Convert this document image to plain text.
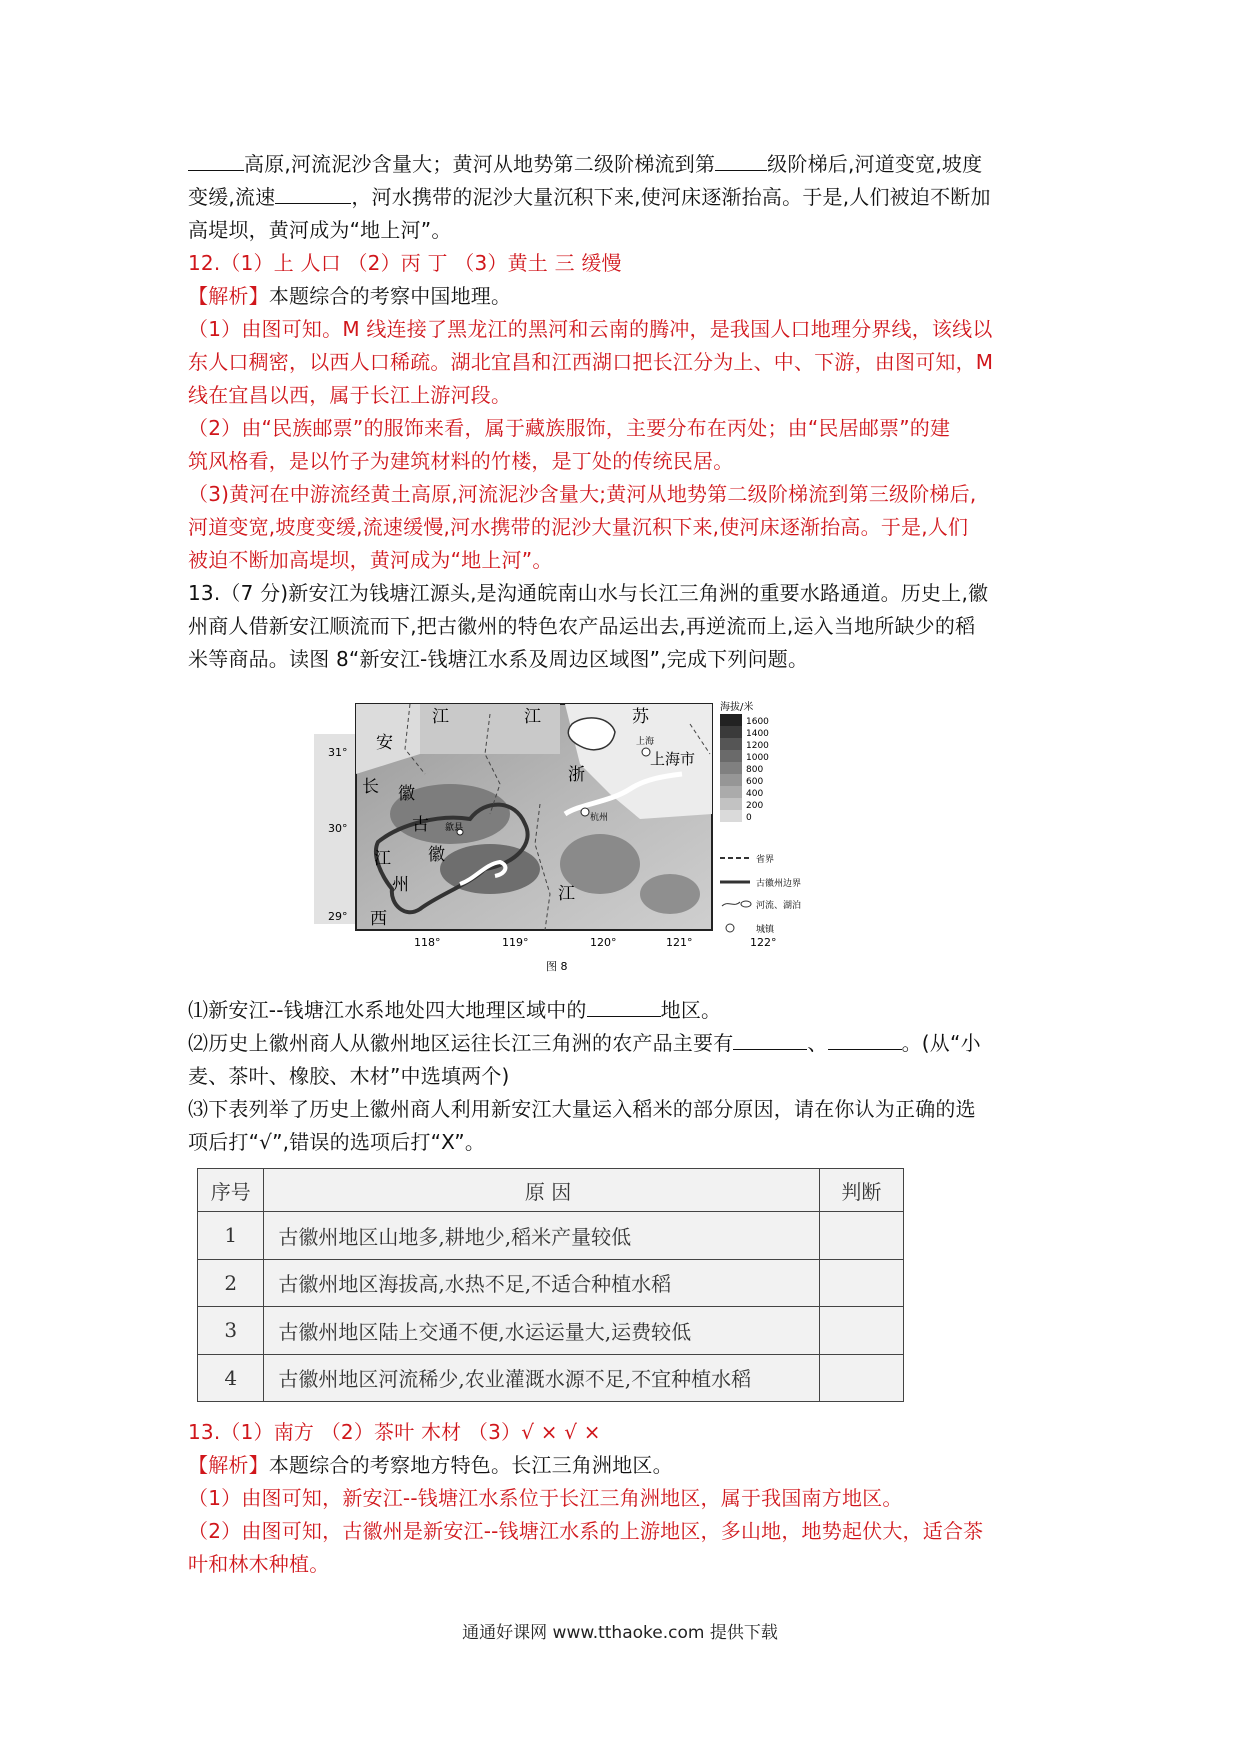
高原,河流泥沙含量大；黄河从地势第二级阶梯流到第	级阶梯后,河道变宽,坡度
变缓,流速	，河水携带的泥沙大量沉积下来,使河床逐渐抬高。于是,人们被迫不断加
高堤坝，黄河成为“地上河”。
12.（1）上 人口 （2）丙 丁 （3）黄土 三 缓慢
【解析】本题综合的考察中国地理。
（1）由图可知。M 线连接了黑龙江的黑河和云南的腾冲，是我国人口地理分界线，该线以
东人口稠密，以西人口稀疏。湖北宜昌和江西湖口把长江分为上、中、下游，由图可知，M
线在宜昌以西，属于长江上游河段。
（2）由“民族邮票”的服饰来看，属于藏族服饰，主要分布在丙处；由“民居邮票”的建
筑风格看，是以竹子为建筑材料的竹楼，是丁处的传统民居。
（3)黄河在中游流经黄土高原,河流泥沙含量大;黄河从地势第二级阶梯流到第三级阶梯后,
河道变宽,坡度变缓,流速缓慢,河水携带的泥沙大量沉积下来,使河床逐渐抬高。于是,人们
被迫不断加高堤坝，黄河成为“地上河”。
13.（7 分)新安江为钱塘江源头,是沟通皖南山水与长江三角洲的重要水路通道。历史上,徽
州商人借新安江顺流而下,把古徽州的特色农产品运出去,再逆流而上,运入当地所缺少的稻
米等商品。读图 8“新安江-钱塘江水系及周边区域图”,完成下列问题。
安
长
江	江	苏
浙
上海市
上海
杭州
歙县
徽
古
徽
江
州
西
江
31°
30°
29°
118°	119°	120°	121°	122°
图 8
海拔/米
1600
1400
1200
1000
800
600
400
200
0
省界
古徽州边界
河流、湖泊
城镇
⑴新安江--钱塘江水系地处四大地理区域中的	地区。
⑵历史上徽州商人从徽州地区运往长江三角洲的农产品主要有	、	。(从“小
麦、茶叶、橡胶、木材”中选填两个)
⑶下表列举了历史上徽州商人利用新安江大量运入稻米的部分原因，请在你认为正确的选
项后打“√”,错误的选项后打“X”。
序号	原 因	判断
1	古徽州地区山地多,耕地少,稻米产量较低	
2	古徽州地区海拔高,水热不足,不适合种植水稻	
3	古徽州地区陆上交通不便,水运运量大,运费较低	
4	古徽州地区河流稀少,农业灌溉水源不足,不宜种植水稻	
13.（1）南方 （2）茶叶 木材 （3）√ × √ ×
【解析】本题综合的考察地方特色。长江三角洲地区。
（1）由图可知，新安江--钱塘江水系位于长江三角洲地区，属于我国南方地区。
（2）由图可知，古徽州是新安江--钱塘江水系的上游地区，多山地，地势起伏大，适合茶
叶和林木种植。
通通好课网 www.tthaoke.com 提供下载
